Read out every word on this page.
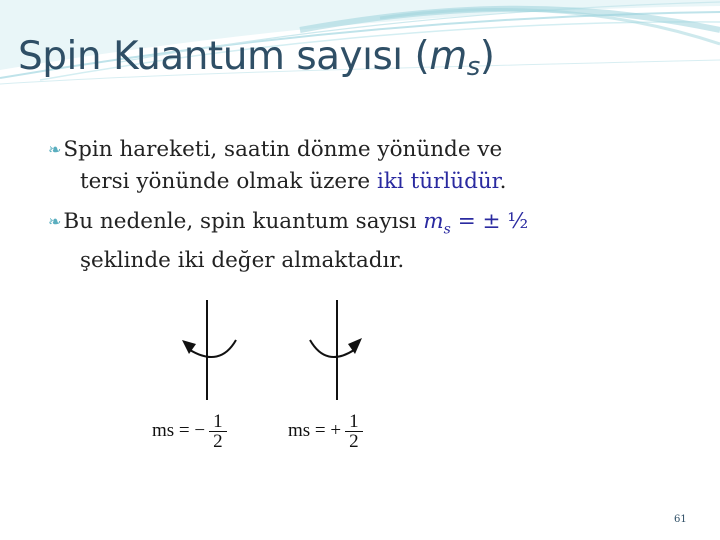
Spin Kuantum sayısı $(m_s)$
❧Spin hareketi, saatin dönme yönünde ve
tersi yönünde olmak üzere iki türlüdür.
❧Bu nedenle, spin kuantum sayısı $m_s$ = ± ½
şeklinde iki değer almaktadır.
ms = − $\frac{1}{2}$	ms = + $\frac{1}{2}$
61
